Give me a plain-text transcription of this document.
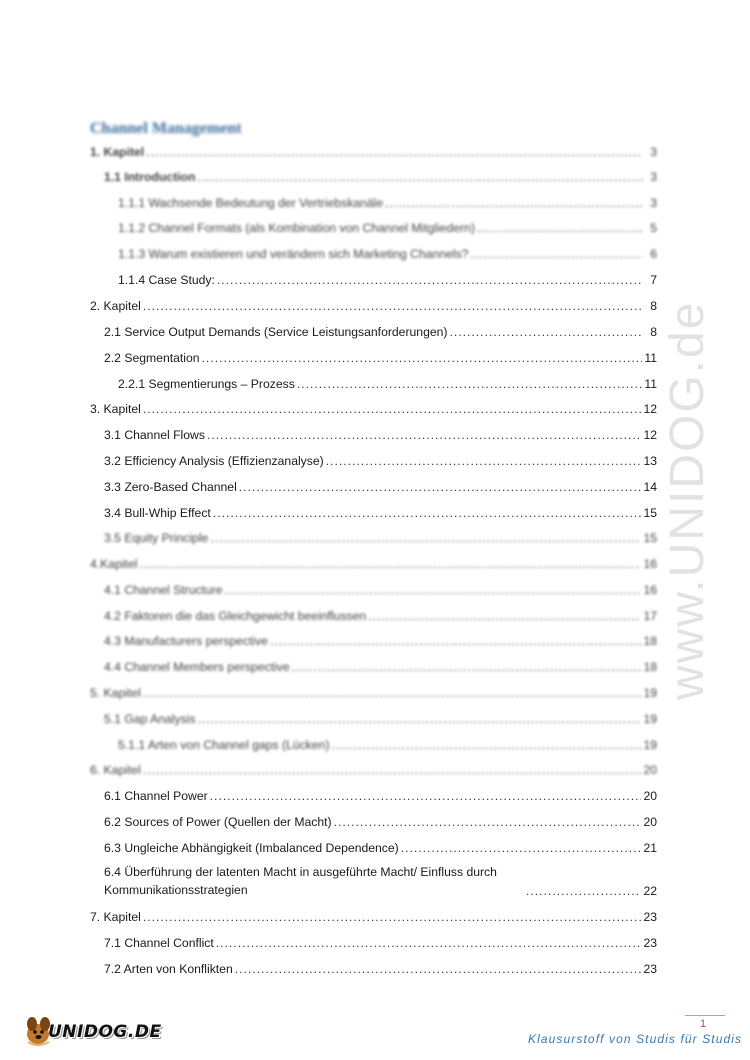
Channel Management
1. Kapitel .....	3
1.1 Introduction .....	3
1.1.1 Wachsende Bedeutung der Vertriebskanäle .....	3
1.1.2 Channel Formats (als Kombination von Channel Mitgliedern) .....	5
1.1.3 Warum existieren und verändern sich Marketing Channels? .....	6
1.1.4 Case Study: .....	7
2. Kapitel .....	8
2.1 Service Output Demands (Service Leistungsanforderungen) .....	8
2.2 Segmentation .....	11
2.2.1 Segmentierungs – Prozess .....	11
3. Kapitel .....	12
3.1 Channel Flows .....	12
3.2 Efficiency Analysis (Effizienzanalyse) .....	13
3.3 Zero-Based Channel .....	14
3.4 Bull-Whip Effect .....	15
3.5 Equity Principle .....	15
4.Kapitel .....	16
4.1 Channel Structure .....	16
4.2 Faktoren die das Gleichgewicht beeinflussen .....	17
4.3 Manufacturers perspective .....	18
4.4 Channel Members perspective .....	18
5. Kapitel .....	19
5.1 Gap Analysis .....	19
5.1.1 Arten von Channel gaps (Lücken) .....	19
6. Kapitel .....	20
6.1 Channel Power .....	20
6.2 Sources of Power (Quellen der Macht) .....	20
6.3 Ungleiche Abhängigkeit (Imbalanced Dependence) .....	21
6.4 Überführung der latenten Macht in ausgeführte Macht/ Einfluss durch Kommunikationsstrategien .....	22
7. Kapitel .....	23
7.1 Channel Conflict .....	23
7.2 Arten von Konflikten .....	23
www.UNIDOG.de
UNIDOG.DE	1
Klausurstoff von Studis für Studis
